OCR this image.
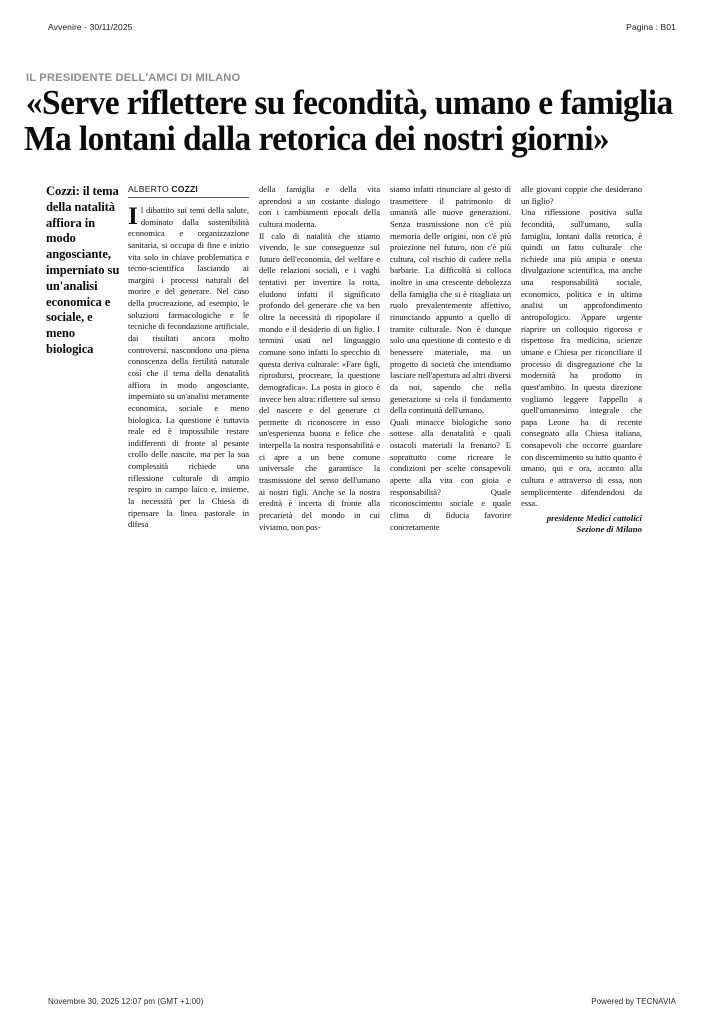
Avvenire - 30/11/2025	Pagina : B01
IL PRESIDENTE DELL'AMCI DI MILANO
«Serve riflettere su fecondità, umano e famiglia
Ma lontani dalla retorica dei nostri giorni»
Cozzi: il tema della natalità affiora in modo angosciante, imperniato su un'analisi economica e sociale, e meno biologica
ALBERTO COZZI

Il dibattito sui temi della salute, dominato dalla sostenibilità economica e organizzazione sanitaria, si occupa di fine e inizio vita solo in chiave problematica e tecno-scientifica lasciando ai margini i processi naturali del morire e del generare. Nel caso della procreazione, ad esempio, le soluzioni farmacologiche e le tecniche di fecondazione artificiale, dai risultati ancora molto controversi, nascondono una piena conoscenza della fertilità naturale così che il tema della denatalità affiora in modo angosciante, imperniato su un'analisi meramente economica, sociale e meno biologica. La questione è tuttavia reale ed è impossibile restare indifferenti di fronte al pesante crollo delle nascite, ma per la sua complessità richiede una riflessione culturale di ampio respiro in campo laico e, insieme, la necessità per la Chiesa di ripensare la linea pastorale in difesa

della famiglia e della vita aprendosi a un costante dialogo con i cambiamenti epocali della cultura moderna.

Il calo di natalità che stiamo vivendo, le sue conseguenze sul futuro dell'economia, del welfare e delle relazioni sociali, e i vaghi tentativi per invertire la rotta, eludono infatti il significato profondo del generare che va ben oltre la necessità di ripopolare il mondo e il desiderio di un figlio. I termini usati nel linguaggio comune sono infatti lo specchio di questa deriva culturale: «Fare figli, riprodursi, procreare, la questione demografica». La posta in gioco è invece ben altra: riflettere sul senso del nascere e del generare ci permette di riconoscere in esso un'esperienza buona e felice che interpella la nostra responsabilità e ci apre a un bene comune universale che garantisce la trasmissione del senso dell'umano ai nostri figli. Anche se la nostra eredità è incerta di fronte alla precarietà del mondo in cui viviamo, non pos-

siamo infatti rinunciare al gesto di trasmettere il patrimonio di umanità alle nuove generazioni. Senza trasmissione non c'è più memoria delle origini, non c'è più proiezione nel futuro, non c'è più cultura, col rischio di cadere nella barbarie. La difficoltà si colloca inoltre in una crescente debolezza della famiglia che si è ritagliata un ruolo prevalentemente affettivo, rinunciando appunto a quello di tramite culturale. Non è dunque solo una questione di contesto e di benessere materiale, ma un progetto di società che intendiamo lasciare nell'apertura ad altri diversi da noi, sapendo che nella generazione si cela il fondamento della continuità dell'umano.

Quali minacce biologiche sono sottese alla denatalità e quali ostacoli materiali la frenano? E soprattutto come ricreare le condizioni per scelte consapevoli aperte alla vita con gioia e responsabilità? Quale riconoscimento sociale e quale clima di fiducia favorire concretamente

alle giovani coppie che desiderano un figlio?

Una riflessione positiva sulla fecondità, sull'umano, sulla famiglia, lontani dalla retorica, è quindi un fatto culturale che richiede una più ampia e onesta divulgazione scientifica, ma anche una responsabilità sociale, economico, politica e in ultima analisi un approfondimento antropologico. Appare urgente riaprire un colloquio rigoroso e rispettoso fra medicina, scienze umane e Chiesa per riconciliare il processo di disgregazione che la modernità ha prodotto in quest'ambito. In questa direzione vogliamo leggere l'appello a quell'umanesimo integrale che papa Leone ha di recente consegnato alla Chiesa italiana, consapevoli che occorre guardare con discernimento su tutto quanto è umano, qui e ora, accanto alla cultura e attraverso di essa, non semplicemente difendendosi da essa.

presidente Medici cattolici
Sezione di Milano
Novembre 30, 2025 12:07 pm (GMT +1:00)	Powered by TECNAVIA
